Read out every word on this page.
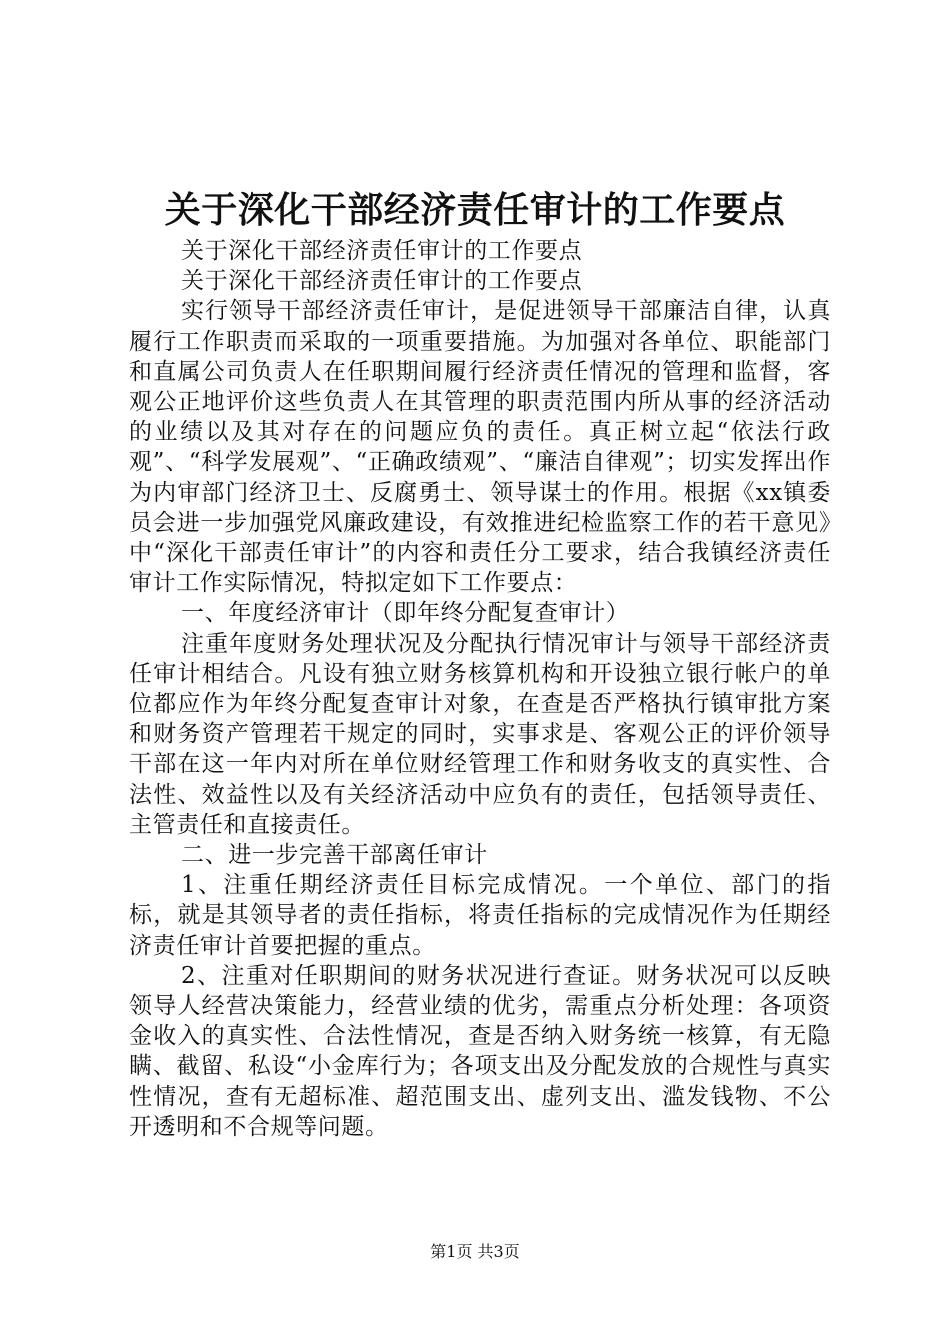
关于深化干部经济责任审计的工作要点

关于深化干部经济责任审计的工作要点

关于深化干部经济责任审计的工作要点

实行领导干部经济责任审计，是促进领导干部廉洁自律，认真履行工作职责而采取的一项重要措施。为加强对各单位、职能部门和直属公司负责人在任职期间履行经济责任情况的管理和监督，客观公正地评价这些负责人在其管理的职责范围内所从事的经济活动的业绩以及其对存在的问题应负的责任。真正树立起“依法行政观”、“科学发展观”、“正确政绩观”、“廉洁自律观”；切实发挥出作为内审部门经济卫士、反腐勇士、领导谋士的作用。根据《xx镇委员会进一步加强党风廉政建设，有效推进纪检监察工作的若干意见》中“深化干部责任审计”的内容和责任分工要求，结合我镇经济责任审计工作实际情况，特拟定如下工作要点：

一、年度经济审计（即年终分配复查审计）

注重年度财务处理状况及分配执行情况审计与领导干部经济责任审计相结合。凡设有独立财务核算机构和开设独立银行帐户的单位都应作为年终分配复查审计对象，在查是否严格执行镇审批方案和财务资产管理若干规定的同时，实事求是、客观公正的评价领导干部在这一年内对所在单位财经管理工作和财务收支的真实性、合法性、效益性以及有关经济活动中应负有的责任，包括领导责任、主管责任和直接责任。

二、进一步完善干部离任审计

1、注重任期经济责任目标完成情况。一个单位、部门的指标，就是其领导者的责任指标，将责任指标的完成情况作为任期经济责任审计首要把握的重点。

2、注重对任职期间的财务状况进行查证。财务状况可以反映领导人经营决策能力，经营业绩的优劣，需重点分析处理：各项资金收入的真实性、合法性情况，查是否纳入财务统一核算，有无隐瞒、截留、私设“小金库行为；各项支出及分配发放的合规性与真实性情况，查有无超标准、超范围支出、虚列支出、滥发钱物、不公开透明和不合规等问题。

第1页 共3页
